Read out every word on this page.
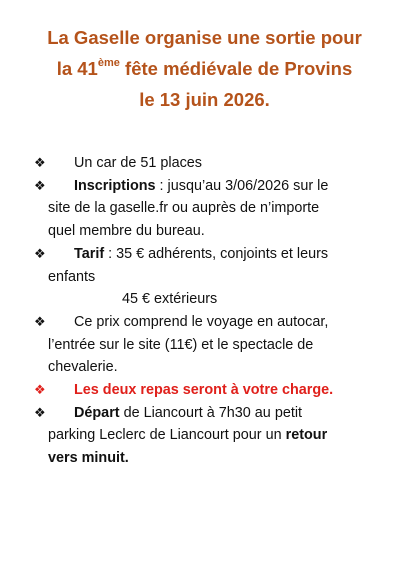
La Gaselle organise une sortie pour
la 41ème fête médiévale de Provins
le 13 juin 2026.
❖	Un car de 51 places
❖	Inscriptions : jusqu’au 3/06/2026 sur le
site de la gaselle.fr ou auprès de n’importe
quel membre du bureau.
❖	Tarif : 35 € adhérents, conjoints et leurs
enfants
45 € extérieurs
❖	Ce prix comprend le voyage en autocar,
l’entrée sur le site (11€) et le spectacle de
chevalerie.
❖	Les deux repas seront à votre charge.
❖	Départ de Liancourt à 7h30 au petit
parking Leclerc de Liancourt pour un retour
vers minuit.
